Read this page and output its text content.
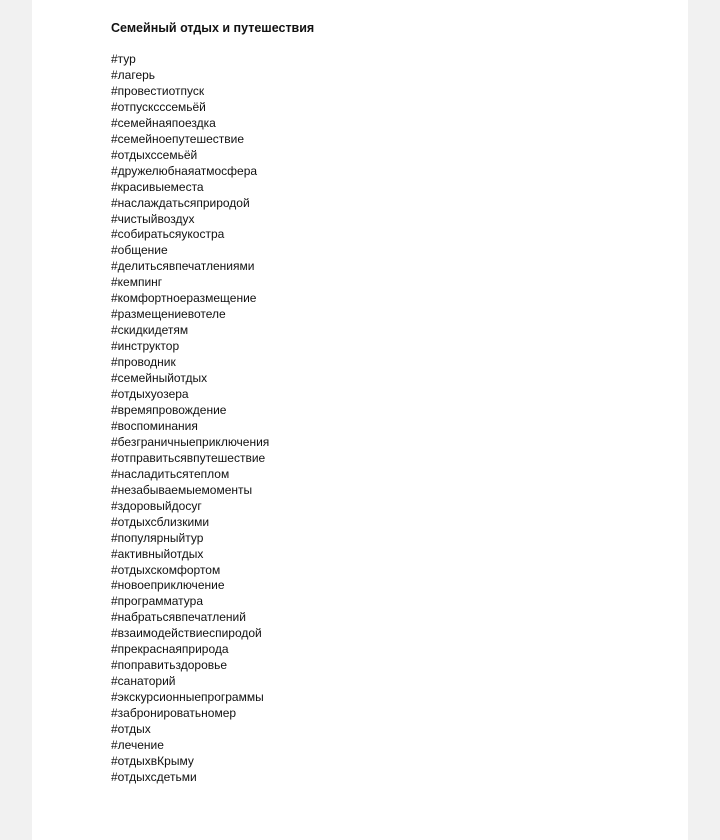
Семейный отдых и путешествия
#тур
#лагерь
#провестиотпуск
#отпусксссемьёй
#семейнаяпоездка
#семейноепутешествие
#отдыхссемьёй
#дружелюбнаяатмосфера
#красивыеместа
#наслаждатьсяприродой
#чистыйвоздух
#собиратьсяукостра
#общение
#делитьсявпечатлениями
#кемпинг
#комфортноеразмещение
#размещениевотеле
#скидкидетям
#инструктор
#проводник
#семейныйотдых
#отдыхуозера
#времяпровождение
#воспоминания
#безграничныеприключения
#отправитьсявпутешествие
#насладитьсятеплом
#незабываемыемоменты
#здоровыйдосуг
#отдыхсблизкими
#популярныйтур
#активныйотдых
#отдыхскомфортом
#новоеприключение
#программатура
#набратьсявпечатлений
#взаимодействиеспиродой
#прекраснаяприрода
#поправитьздоровье
#санаторий
#экскурсионныепрограммы
#забронироватьномер
#отдых
#лечение
#отдыхвКрыму
#отдыхсдетьми
